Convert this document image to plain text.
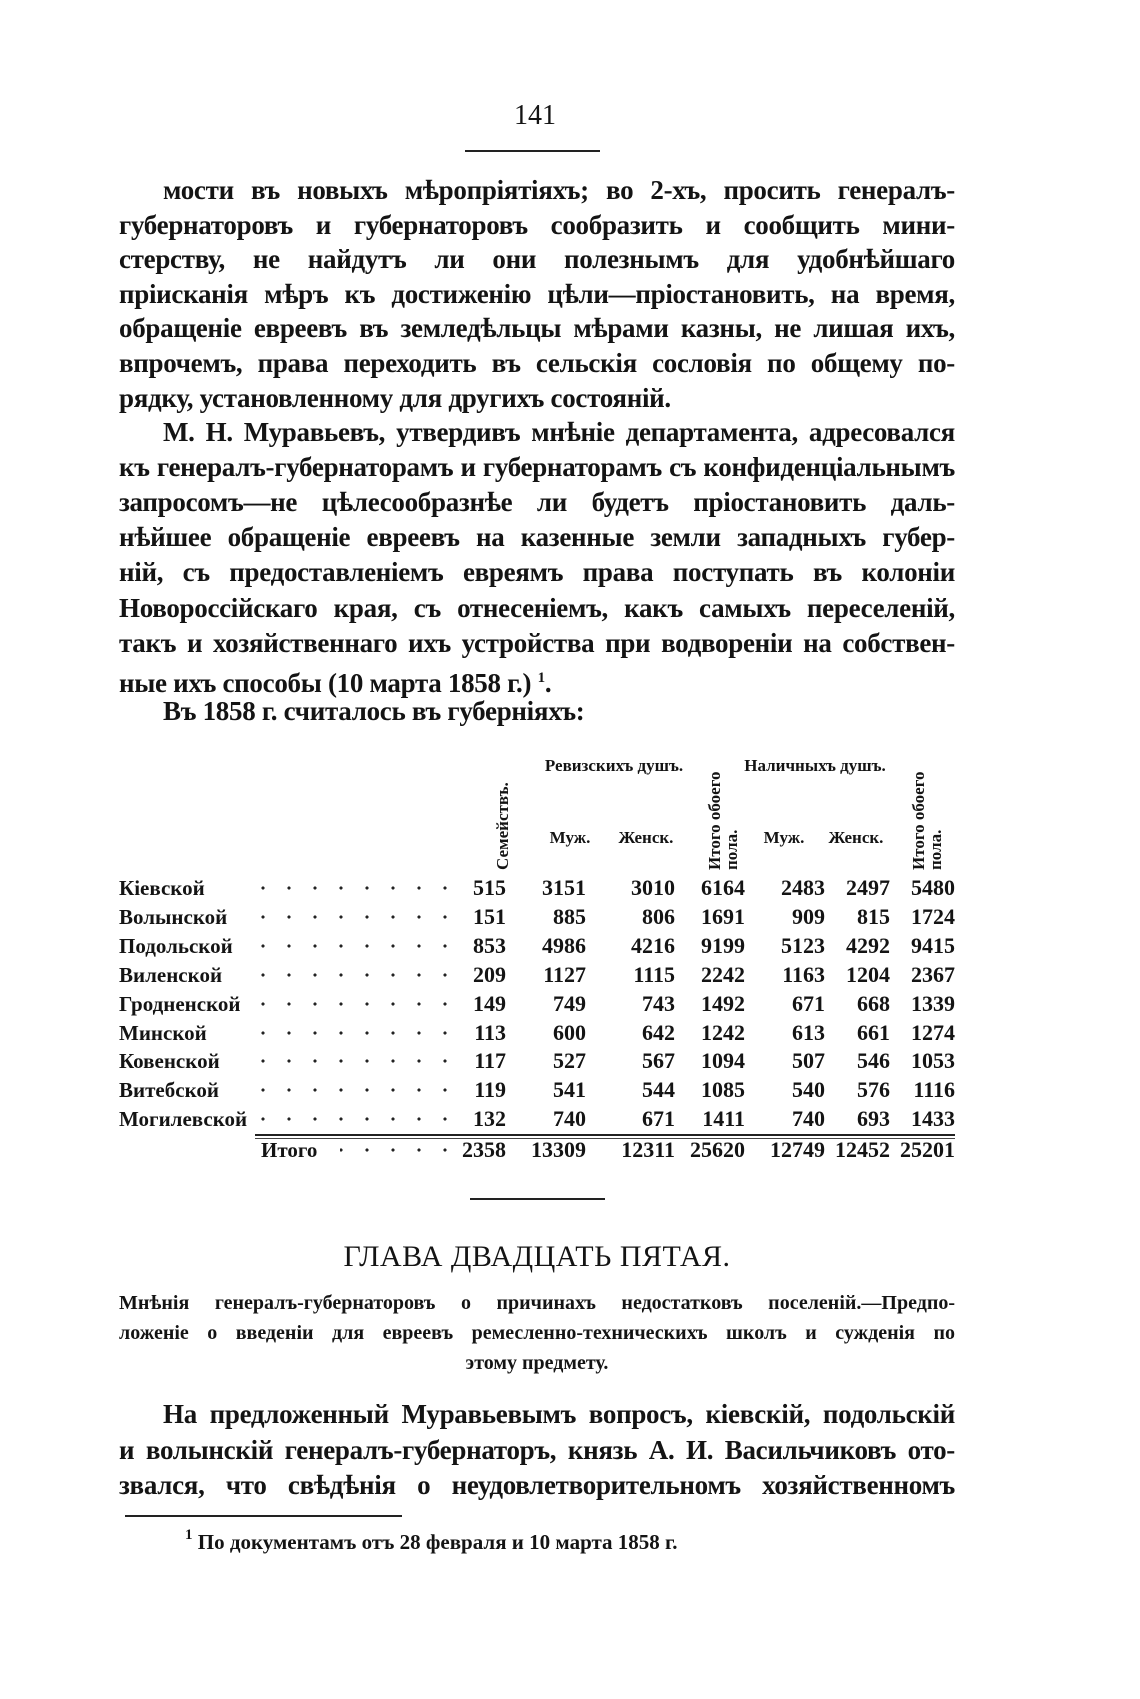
141
мости въ новыхъ мѣропріятіяхъ; во 2-хъ, просить генералъ-
губернаторовъ и губернаторовъ сообразить и сообщить мини-
стерству, не найдутъ ли они полезнымъ для удобнѣйшаго
прiисканія мѣръ къ достиженію цѣли—пріостановить, на время,
обращеніе евреевъ въ земледѣльцы мѣрами казны, не лишая ихъ,
впрочемъ, права переходить въ сельскія сословія по общему по-
рядку, установленному для другихъ состояній.
М. Н. Муравьевъ, утвердивъ мнѣніе департамента, адресовался
къ генералъ-губернаторамъ и губернаторамъ съ конфиденціальнымъ
запросомъ—не цѣлесообразнѣе ли будетъ пріостановить даль-
нѣйшее обращеніе евреевъ на казенные земли западныхъ губер-
ній, съ предоставленіемъ евреямъ права поступать въ колоніи
Новороссійскаго края, съ отнесеніемъ, какъ самыхъ переселеній,
такъ и хозяйственнаго ихъ устройства при водвореніи на собствен-
ные ихъ способы (10 марта 1858 г.) $^1$.
Въ 1858 г. считалось въ губерніяхъ:
Семействъ.
Ревизскихъ душъ.
Муж.	Женск.	Итого обоего
пола.
Наличныхъ душъ.
Муж.	Женск.	Итого обоего
пола.
Кіевской	515	3151	3010	6164	2483 2497 5480
Волынской	151	885	806	1691	909	815 1724
Подольской	853	4986	4216	9199	5123 4292 9415
Виленской	209	1127	1115	2242	1163 1204 2367
Гродненской	149	749	743	1492	671	668 1339
Минской	113	600	642	1242	613	661 1274
Ковенской	117	527	567	1094	507	546 1053
Витебской	119	541	544	1085	540	576	1116
Могилевской	132	740	671	1411	740	693 1433
Итого	2358	13309	12311 25620	12749 12452 25201
ГЛАВА ДВАДЦАТЬ ПЯТАЯ.
Мнѣнія генералъ-губернаторовъ о причинахъ недостатковъ поселеній.—Предпо-
ложеніе о введеніи для евреевъ ремесленно-техническихъ школъ и сужденія по
этому предмету.
На предложенный Муравьевымъ вопросъ, кіевскій, подольскій
и волынскій генералъ-губернаторъ, князь А. И. Васильчиковъ ото-
звался, что свѣдѣнія о неудовлетворительномъ хозяйственномъ
$^1$ По документамъ отъ 28 февраля и 10 марта 1858 г.
